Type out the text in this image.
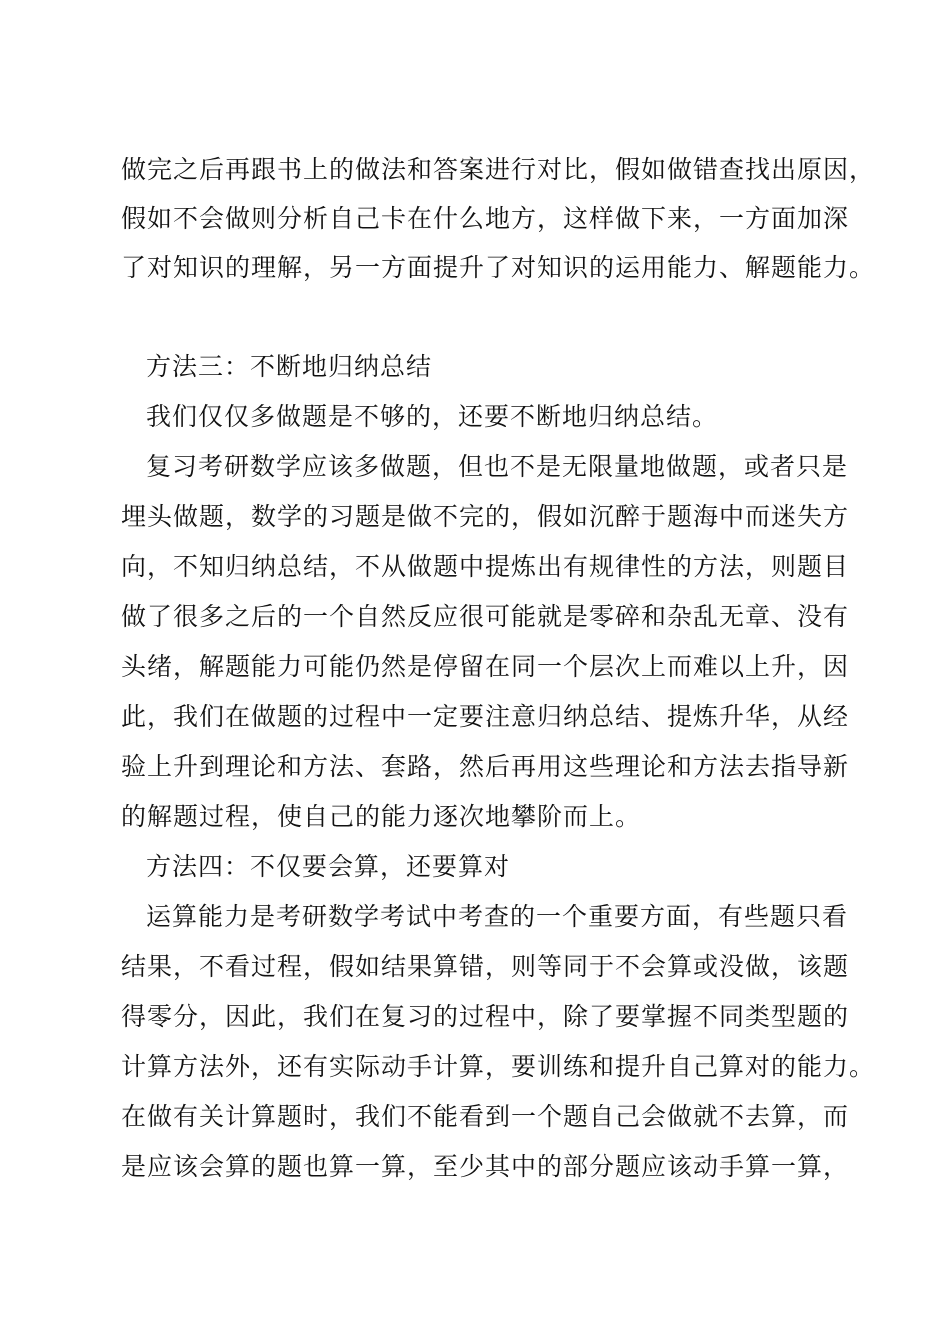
做完之后再跟书上的做法和答案进行对比，假如做错查找出原因，
假如不会做则分析自己卡在什么地方，这样做下来，一方面加深
了对知识的理解，另一方面提升了对知识的运用能力、解题能力。
方法三：不断地归纳总结
我们仅仅多做题是不够的，还要不断地归纳总结。
复习考研数学应该多做题，但也不是无限量地做题，或者只是
埋头做题，数学的习题是做不完的，假如沉醉于题海中而迷失方
向，不知归纳总结，不从做题中提炼出有规律性的方法，则题目
做了很多之后的一个自然反应很可能就是零碎和杂乱无章、没有
头绪，解题能力可能仍然是停留在同一个层次上而难以上升，因
此，我们在做题的过程中一定要注意归纳总结、提炼升华，从经
验上升到理论和方法、套路，然后再用这些理论和方法去指导新
的解题过程，使自己的能力逐次地攀阶而上。
方法四：不仅要会算，还要算对
运算能力是考研数学考试中考查的一个重要方面，有些题只看
结果，不看过程，假如结果算错，则等同于不会算或没做，该题
得零分，因此，我们在复习的过程中，除了要掌握不同类型题的
计算方法外，还有实际动手计算，要训练和提升自己算对的能力。
在做有关计算题时，我们不能看到一个题自己会做就不去算，而
是应该会算的题也算一算，至少其中的部分题应该动手算一算，
